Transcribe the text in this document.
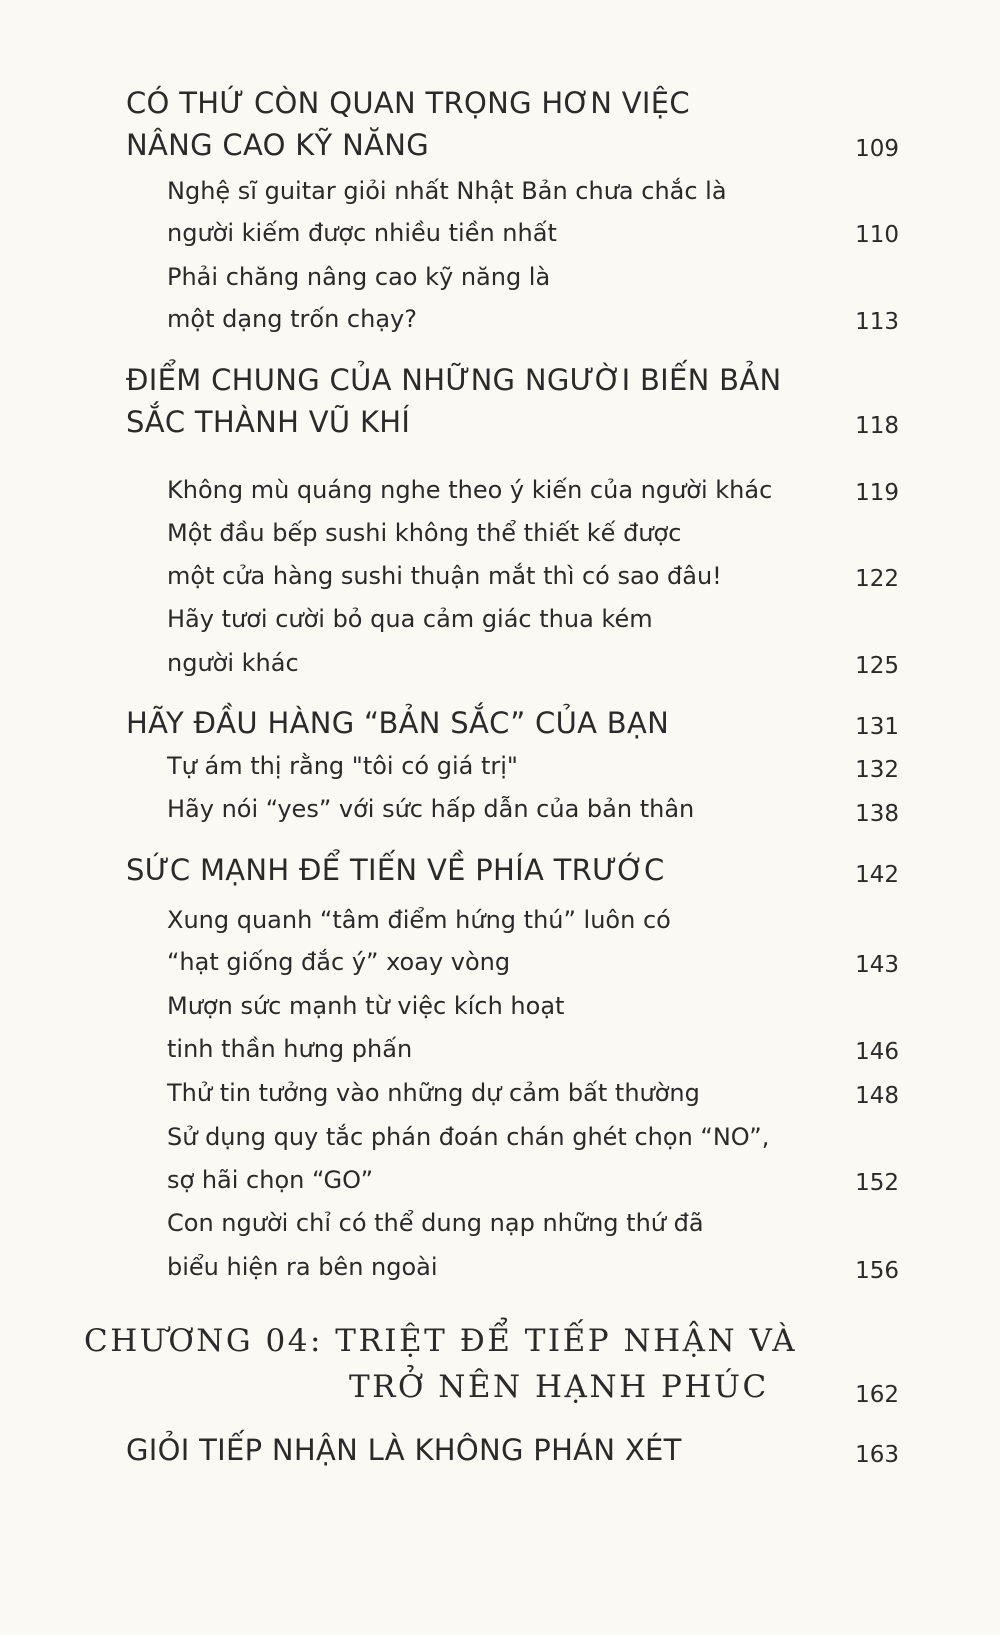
CÓ THỨ CÒN QUAN TRỌNG HƠN VIỆC
NÂNG CAO KỸ NĂNG	109
Nghệ sĩ guitar giỏi nhất Nhật Bản chưa chắc là
người kiếm được nhiều tiền nhất	110
Phải chăng nâng cao kỹ năng là
một dạng trốn chạy?	113
ĐIỂM CHUNG CỦA NHỮNG NGƯỜI BIẾN BẢN
SẮC THÀNH VŨ KHÍ	118
Không mù quáng nghe theo ý kiến của người khác	119
Một đầu bếp sushi không thể thiết kế được
một cửa hàng sushi thuận mắt thì có sao đâu!	122
Hãy tươi cười bỏ qua cảm giác thua kém
người khác	125
HÃY ĐẦU HÀNG “BẢN SẮC” CỦA BẠN	131
Tự ám thị rằng "tôi có giá trị"	132
Hãy nói “yes” với sức hấp dẫn của bản thân	138
SỨC MẠNH ĐỂ TIẾN VỀ PHÍA TRƯỚC	142
Xung quanh “tâm điểm hứng thú” luôn có
“hạt giống đắc ý” xoay vòng	143
Mượn sức mạnh từ việc kích hoạt
tinh thần hưng phấn	146
Thử tin tưởng vào những dự cảm bất thường	148
Sử dụng quy tắc phán đoán chán ghét chọn “NO”,
sợ hãi chọn “GO”	152
Con người chỉ có thể dung nạp những thứ đã
biểu hiện ra bên ngoài	156
CHƯƠNG 04: TRIỆT ĐỂ TIẾP NHẬN VÀ
TRỞ NÊN HẠNH PHÚC	162
GIỎI TIẾP NHẬN LÀ KHÔNG PHÁN XÉT	163
